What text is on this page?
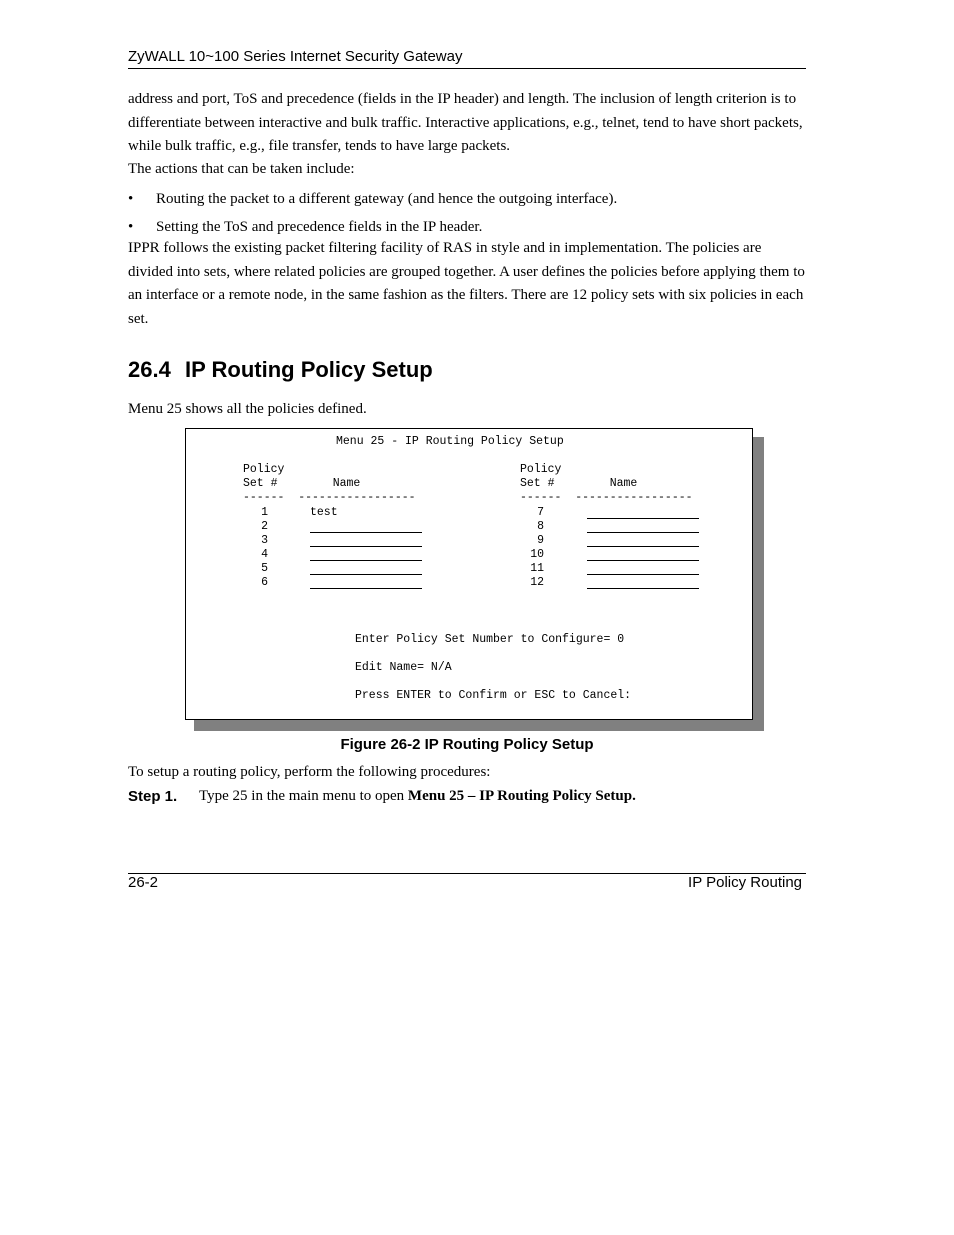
ZyWALL 10~100 Series Internet Security Gateway
address and port, ToS and precedence (fields in the IP header) and length. The inclusion of length criterion is to differentiate between interactive and bulk traffic. Interactive applications, e.g., telnet, tend to have short packets, while bulk traffic, e.g., file transfer, tends to have large packets.
The actions that can be taken include:
• Routing the packet to a different gateway (and hence the outgoing interface).
• Setting the ToS and precedence fields in the IP header.
IPPR follows the existing packet filtering facility of RAS in style and in implementation. The policies are divided into sets, where related policies are grouped together. A user defines the policies before applying them to an interface or a remote node, in the same fashion as the filters. There are 12 policy sets with six policies in each set.
26.4 IP Routing Policy Setup
Menu 25 shows all the policies defined.
Menu 25 - IP Routing Policy Setup
Policy
Set #        Name
------  -----------------
Policy
Set #        Name
------  -----------------
1	test
2
3
4
5
6
7
8
9
10
11
12
Enter Policy Set Number to Configure= 0
Edit Name= N/A
Press ENTER to Confirm or ESC to Cancel:
Figure 26-2 IP Routing Policy Setup
To setup a routing policy, perform the following procedures:
Step 1. Type 25 in the main menu to open Menu 25 – IP Routing Policy Setup.
26-2	IP Policy Routing
